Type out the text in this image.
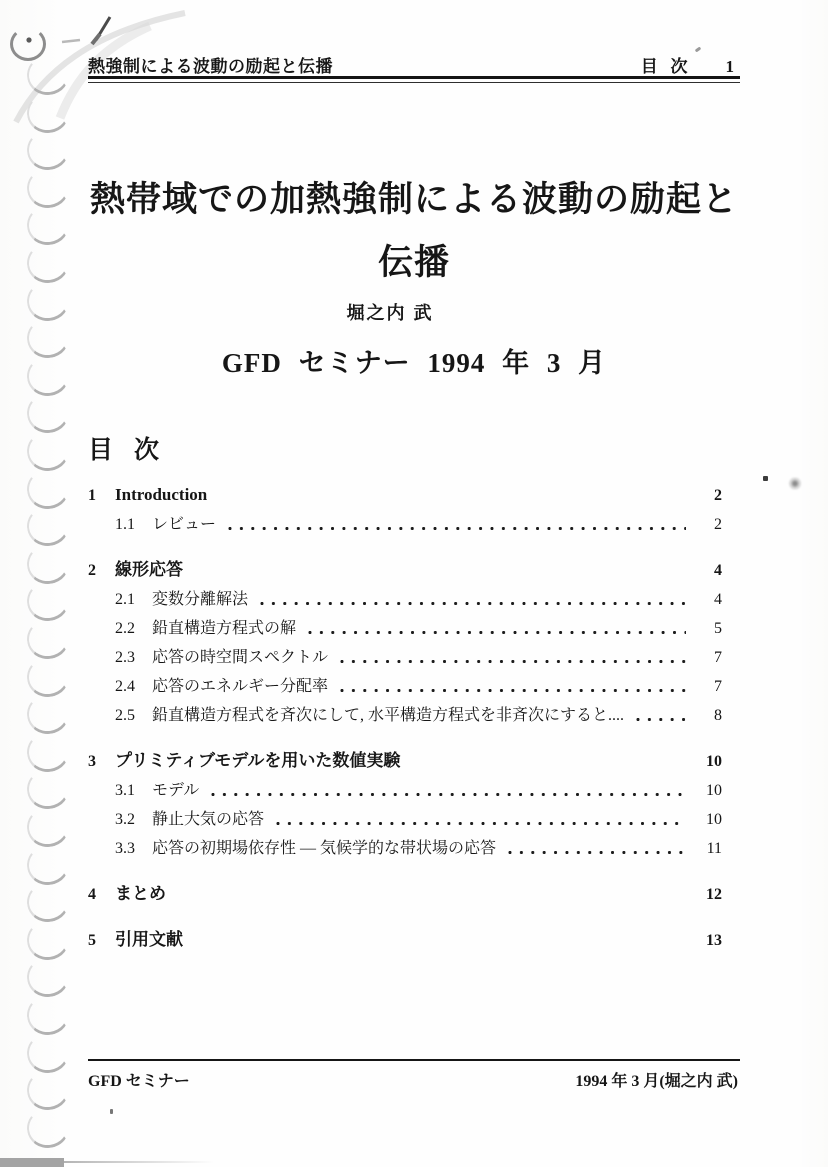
熱強制による波動の励起と伝播	目 次 1
熱帯域での加熱強制による波動の励起と
伝播
堀之内 武
GFD セミナー 1994 年 3 月
目 次
1	Introduction	2
1.1	レビュー	2
2	線形応答	4
2.1	変数分離解法	4
2.2	鉛直構造方程式の解	5
2.3	応答の時空間スペクトル	7
2.4	応答のエネルギー分配率	7
2.5	鉛直構造方程式を斉次にして, 水平構造方程式を非斉次にすると....	8
3	プリミティブモデルを用いた数値実験	10
3.1	モデル	10
3.2	静止大気の応答	10
3.3	応答の初期場依存性 — 気候学的な帯状場の応答	11
4	まとめ	12
5	引用文献	13
GFD セミナー	1994 年 3 月(堀之内 武)
